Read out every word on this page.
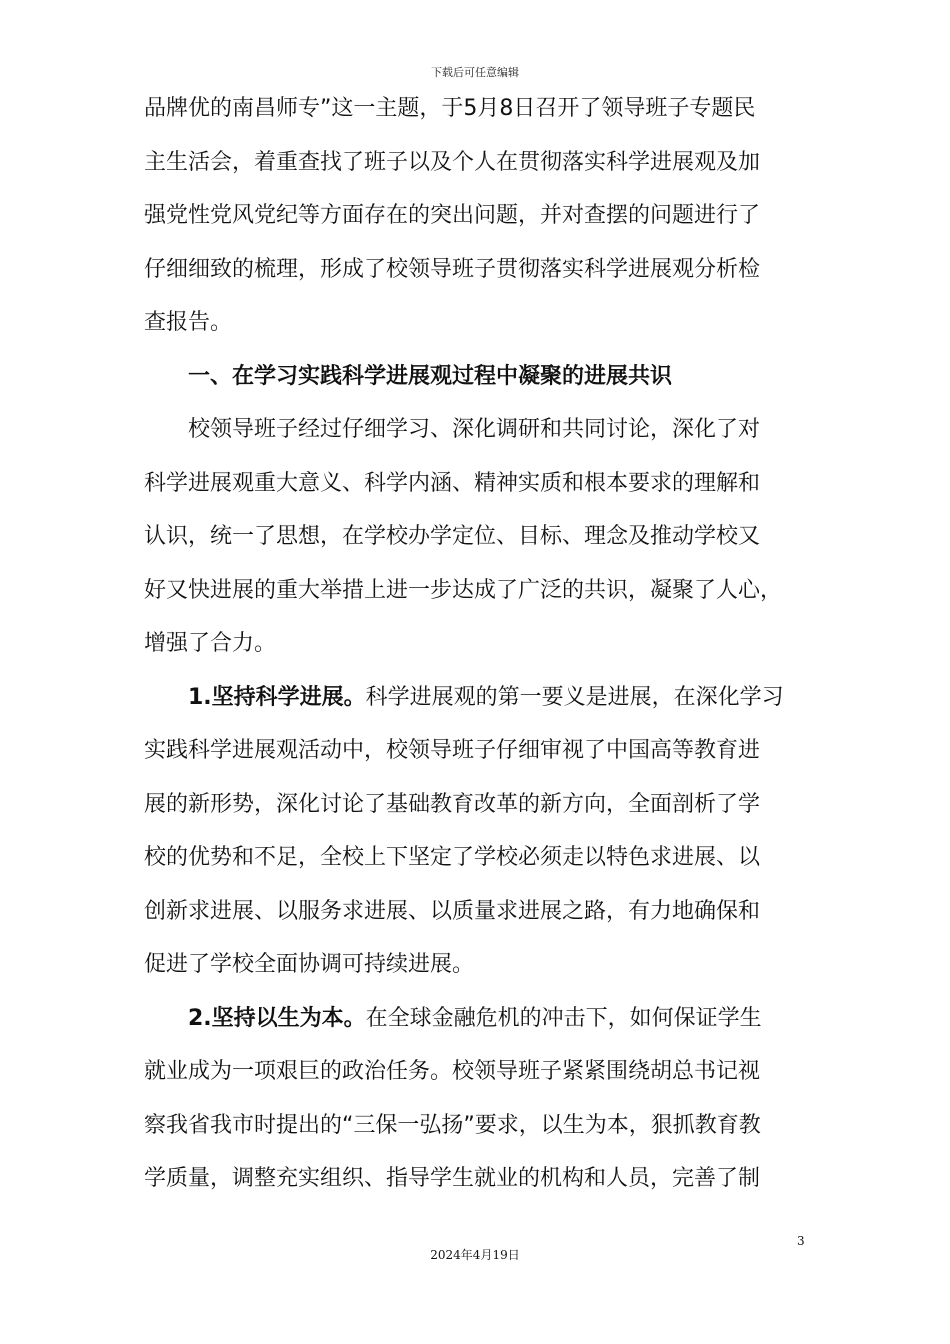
下载后可任意编辑
品牌优的南昌师专”这一主题，于5月8日召开了领导班子专题民
主生活会，着重查找了班子以及个人在贯彻落实科学进展观及加
强党性党风党纪等方面存在的突出问题，并对查摆的问题进行了
仔细细致的梳理，形成了校领导班子贯彻落实科学进展观分析检
查报告。
一、在学习实践科学进展观过程中凝聚的进展共识
校领导班子经过仔细学习、深化调研和共同讨论，深化了对
科学进展观重大意义、科学内涵、精神实质和根本要求的理解和
认识，统一了思想，在学校办学定位、目标、理念及推动学校又
好又快进展的重大举措上进一步达成了广泛的共识，凝聚了人心，
增强了合力。
1.坚持科学进展。科学进展观的第一要义是进展，在深化学习
实践科学进展观活动中，校领导班子仔细审视了中国高等教育进
展的新形势，深化讨论了基础教育改革的新方向，全面剖析了学
校的优势和不足，全校上下坚定了学校必须走以特色求进展、以
创新求进展、以服务求进展、以质量求进展之路，有力地确保和
促进了学校全面协调可持续进展。
2.坚持以生为本。在全球金融危机的冲击下，如何保证学生
就业成为一项艰巨的政治任务。校领导班子紧紧围绕胡总书记视
察我省我市时提出的“三保一弘扬”要求，以生为本，狠抓教育教
学质量，调整充实组织、指导学生就业的机构和人员，完善了制
3
2024年4月19日
